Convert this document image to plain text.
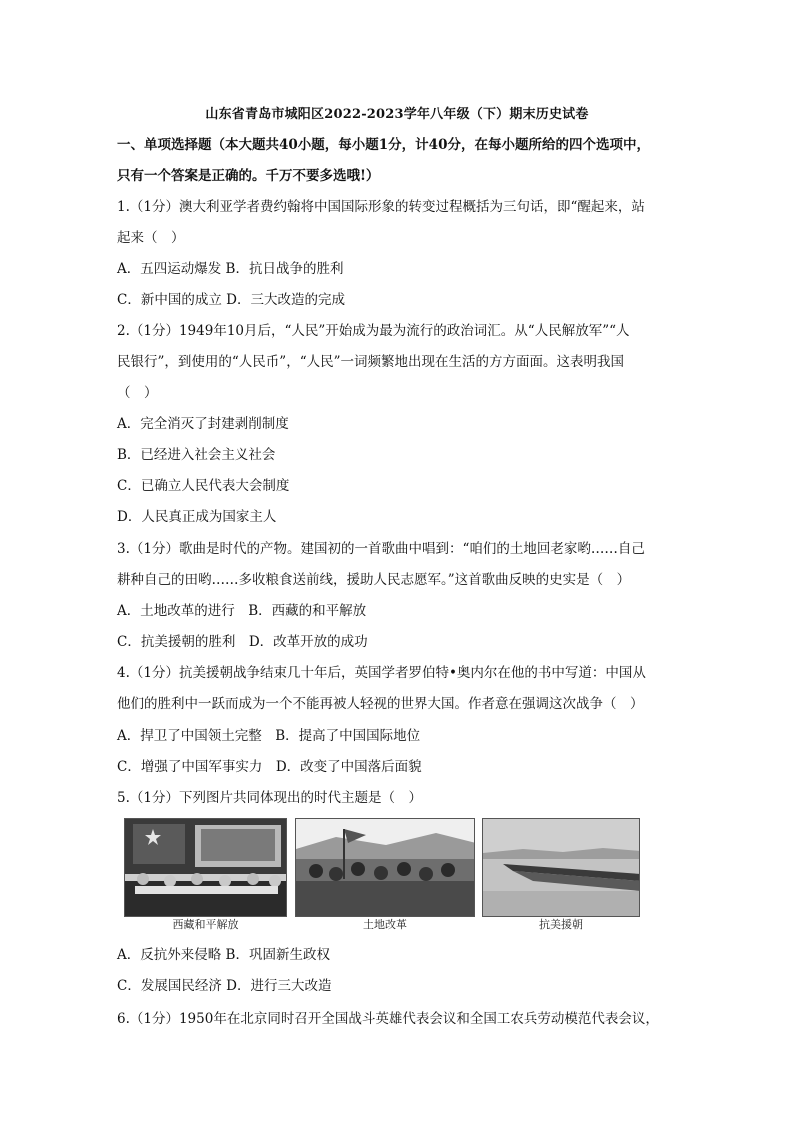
山东省青岛市城阳区2022-2023学年八年级（下）期末历史试卷
一、单项选择题（本大题共40小题，每小题1分，计40分，在每小题所给的四个选项中，
只有一个答案是正确的。千万不要多选哦!）
1.（1分）澳大利亚学者费约翰将中国国际形象的转变过程概括为三句话，即“醒起来，站
起来（　）
A．五四运动爆发 B．抗日战争的胜利
C．新中国的成立 D．三大改造的完成
2.（1分）1949年10月后，“人民”开始成为最为流行的政治词汇。从“人民解放军”“人
民银行”，到使用的“人民币”，“人民”一词频繁地出现在生活的方方面面。这表明我国
（　）
A．完全消灭了封建剥削制度
B．已经进入社会主义社会
C．已确立人民代表大会制度
D．人民真正成为国家主人
3.（1分）歌曲是时代的产物。建国初的一首歌曲中唱到：“咱们的土地回老家哟……自己
耕种自己的田哟……多收粮食送前线，援助人民志愿军。”这首歌曲反映的史实是（　）
A．土地改革的进行　B．西藏的和平解放
C．抗美援朝的胜利　D．改革开放的成功
4.（1分）抗美援朝战争结束几十年后，英国学者罗伯特•奥内尔在他的书中写道：中国从
他们的胜利中一跃而成为一个不能再被人轻视的世界大国。作者意在强调这次战争（　）
A．捍卫了中国领土完整　B．提高了中国国际地位
C．增强了中国军事实力　D．改变了中国落后面貌
5.（1分）下列图片共同体现出的时代主题是（　）
西藏和平解放	土地改革	抗美援朝
A．反抗外来侵略 B．巩固新生政权
C．发展国民经济 D．进行三大改造
6.（1分）1950年在北京同时召开全国战斗英雄代表会议和全国工农兵劳动模范代表会议，
